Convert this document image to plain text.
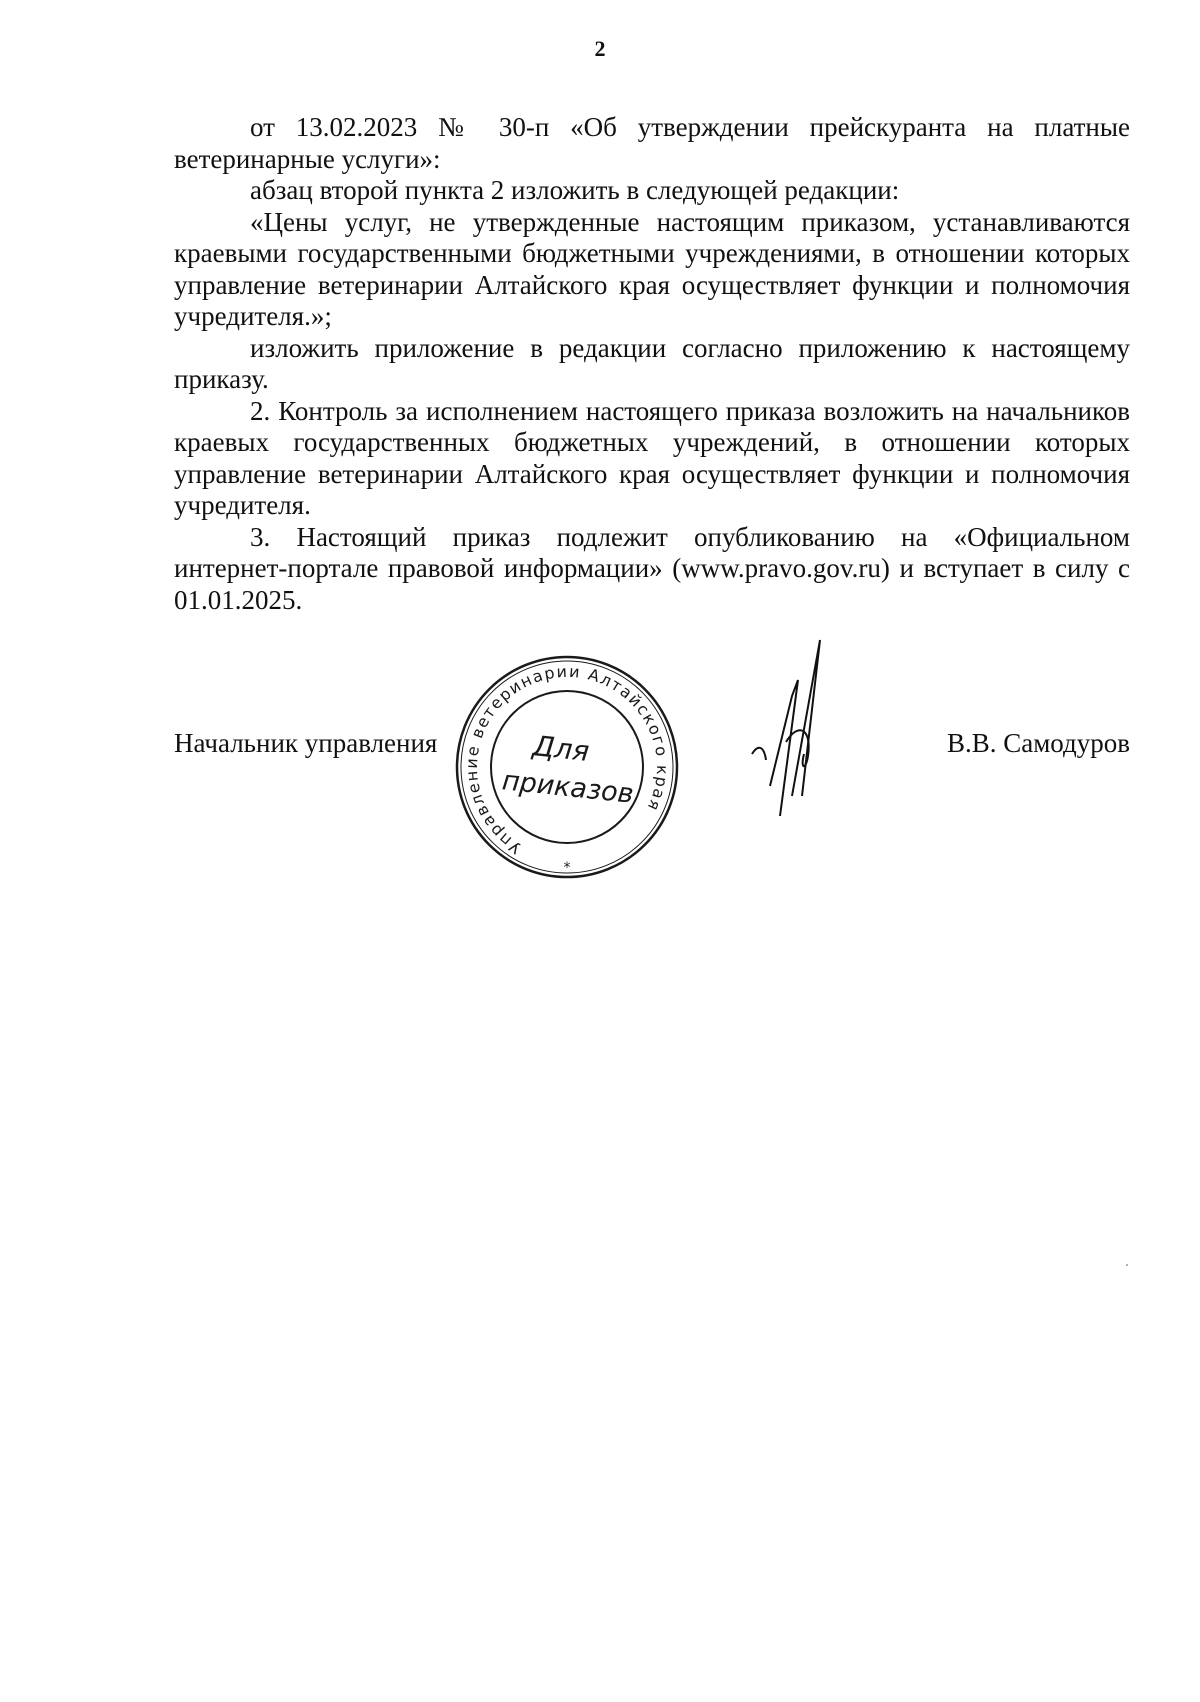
2

от 13.02.2023 № 30-п «Об утверждении прейскуранта на платные ветеринарные услуги»:

абзац второй пункта 2 изложить в следующей редакции:

«Цены услуг, не утвержденные настоящим приказом, устанавливаются краевыми государственными бюджетными учреждениями, в отношении которых управление ветеринарии Алтайского края осуществляет функции и полномочия учредителя.»;

изложить приложение в редакции согласно приложению к настоящему приказу.

2. Контроль за исполнением настоящего приказа возложить на начальников краевых государственных бюджетных учреждений, в отношении которых управление ветеринарии Алтайского края осуществляет функции и полномочия учредителя.

3. Настоящий приказ подлежит опубликованию на «Официальном интернет-портале правовой информации» (www.pravo.gov.ru) и вступает в силу с 01.01.2025.

Начальник управления	В.В. Самодуров
Управление ветеринарии Алтайского края
*
Для
приказов
